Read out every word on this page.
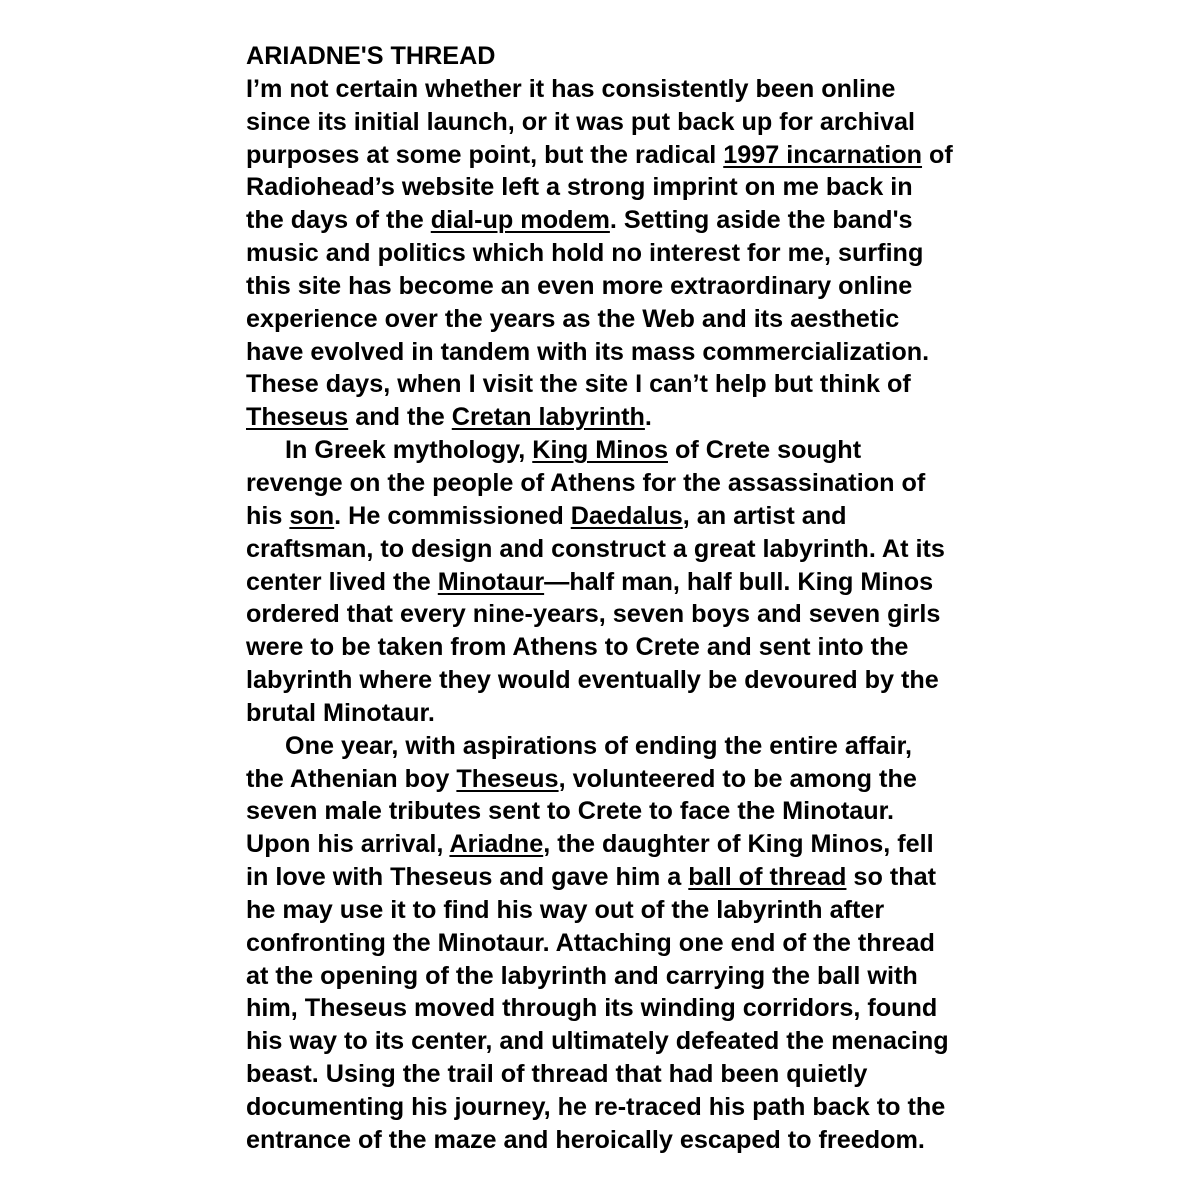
ARIADNE'S THREAD

I’m not certain whether it has consistently been online since its initial launch, or it was put back up for archival purposes at some point, but the radical 1997 incarnation of Radiohead’s website left a strong imprint on me back in the days of the dial-up modem. Setting aside the band's music and politics which hold no interest for me, surfing this site has become an even more extraordinary online experience over the years as the Web and its aesthetic have evolved in tandem with its mass commercialization. These days, when I visit the site I can’t help but think of Theseus and the Cretan labyrinth.

In Greek mythology, King Minos of Crete sought revenge on the people of Athens for the assassination of his son. He commissioned Daedalus, an artist and craftsman, to design and construct a great labyrinth. At its center lived the Minotaur—half man, half bull. King Minos ordered that every nine-years, seven boys and seven girls were to be taken from Athens to Crete and sent into the labyrinth where they would eventually be devoured by the brutal Minotaur.

One year, with aspirations of ending the entire affair, the Athenian boy Theseus, volunteered to be among the seven male tributes sent to Crete to face the Minotaur. Upon his arrival, Ariadne, the daughter of King Minos, fell in love with Theseus and gave him a ball of thread so that he may use it to find his way out of the labyrinth after confronting the Minotaur. Attaching one end of the thread at the opening of the labyrinth and carrying the ball with him, Theseus moved through its winding corridors, found his way to its center, and ultimately defeated the menacing beast. Using the trail of thread that had been quietly documenting his journey, he re-traced his path back to the entrance of the maze and heroically escaped to freedom.
